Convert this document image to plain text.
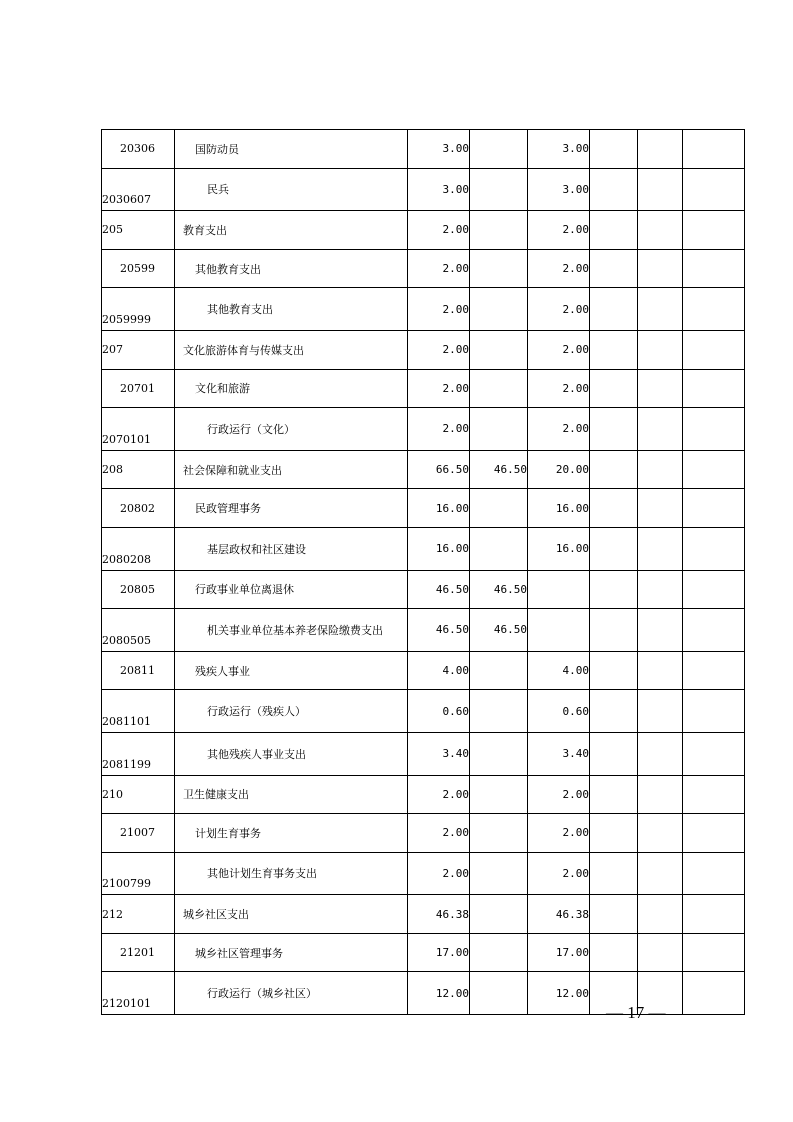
20306	国防动员	3.00		3.00			
2030607	民兵	3.00		3.00			
205	教育支出	2.00		2.00			
20599	其他教育支出	2.00		2.00			
2059999	其他教育支出	2.00		2.00			
207	文化旅游体育与传媒支出	2.00		2.00			
20701	文化和旅游	2.00		2.00			
2070101	行政运行（文化）	2.00		2.00			
208	社会保障和就业支出	66.50	46.50	20.00			
20802	民政管理事务	16.00		16.00			
2080208	基层政权和社区建设	16.00		16.00			
20805	行政事业单位离退休	46.50	46.50				
2080505	机关事业单位基本养老保险缴费支出	46.50	46.50				
20811	残疾人事业	4.00		4.00			
2081101	行政运行（残疾人）	0.60		0.60			
2081199	其他残疾人事业支出	3.40		3.40			
210	卫生健康支出	2.00		2.00			
21007	计划生育事务	2.00		2.00			
2100799	其他计划生育事务支出	2.00		2.00			
212	城乡社区支出	46.38		46.38			
21201	城乡社区管理事务	17.00		17.00			
2120101	行政运行（城乡社区）	12.00		12.00			
— 17 —
